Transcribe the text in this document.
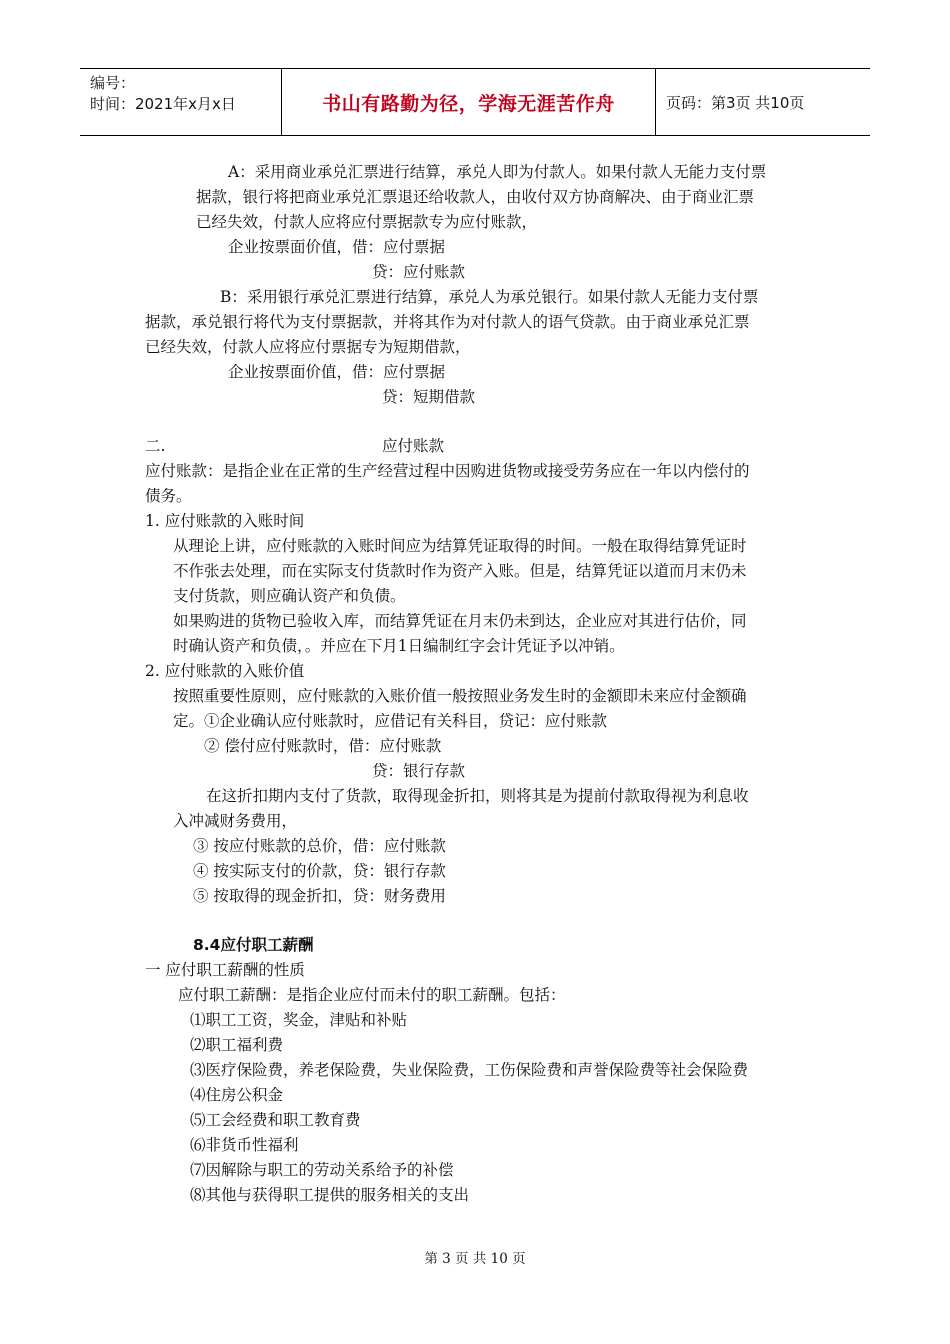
编号：
时间：2021年x月x日	书山有路勤为径，学海无涯苦作舟	页码：第3页 共10页
A：采用商业承兑汇票进行结算，承兑人即为付款人。如果付款人无能力支付票
据款，银行将把商业承兑汇票退还给收款人，由收付双方协商解决、由于商业汇票
已经失效，付款人应将应付票据款专为应付账款，
企业按票面价值，借：应付票据
贷：应付账款
B：采用银行承兑汇票进行结算，承兑人为承兑银行。如果付款人无能力支付票
据款，承兑银行将代为支付票据款，并将其作为对付款人的语气贷款。由于商业承兑汇票
已经失效，付款人应将应付票据专为短期借款，
企业按票面价值，借：应付票据
贷：短期借款
二.	应付账款
应付账款：是指企业在正常的生产经营过程中因购进货物或接受劳务应在一年以内偿付的
债务。
1. 应付账款的入账时间
从理论上讲，应付账款的入账时间应为结算凭证取得的时间。一般在取得结算凭证时
不作张去处理，而在实际支付货款时作为资产入账。但是，结算凭证以道而月末仍未
支付货款，则应确认资产和负债。
如果购进的货物已验收入库，而结算凭证在月末仍未到达，企业应对其进行估价，同
时确认资产和负债，。并应在下月1日编制红字会计凭证予以冲销。
2. 应付账款的入账价值
按照重要性原则，应付账款的入账价值一般按照业务发生时的金额即未来应付金额确
定。①企业确认应付账款时，应借记有关科目，贷记：应付账款
② 偿付应付账款时，借：应付账款
贷：银行存款
在这折扣期内支付了货款，取得现金折扣，则将其是为提前付款取得视为利息收
入冲减财务费用，
③ 按应付账款的总价，借：应付账款
④ 按实际支付的价款，贷：银行存款
⑤ 按取得的现金折扣，贷：财务费用
8.4应付职工薪酬
一 应付职工薪酬的性质
应付职工薪酬：是指企业应付而未付的职工薪酬。包括：
⑴职工工资，奖金，津贴和补贴
⑵职工福利费
⑶医疗保险费，养老保险费，失业保险费，工伤保险费和声誉保险费等社会保险费
⑷住房公积金
⑸工会经费和职工教育费
⑹非货币性福利
⑺因解除与职工的劳动关系给予的补偿
⑻其他与获得职工提供的服务相关的支出
第 3 页 共 10 页
